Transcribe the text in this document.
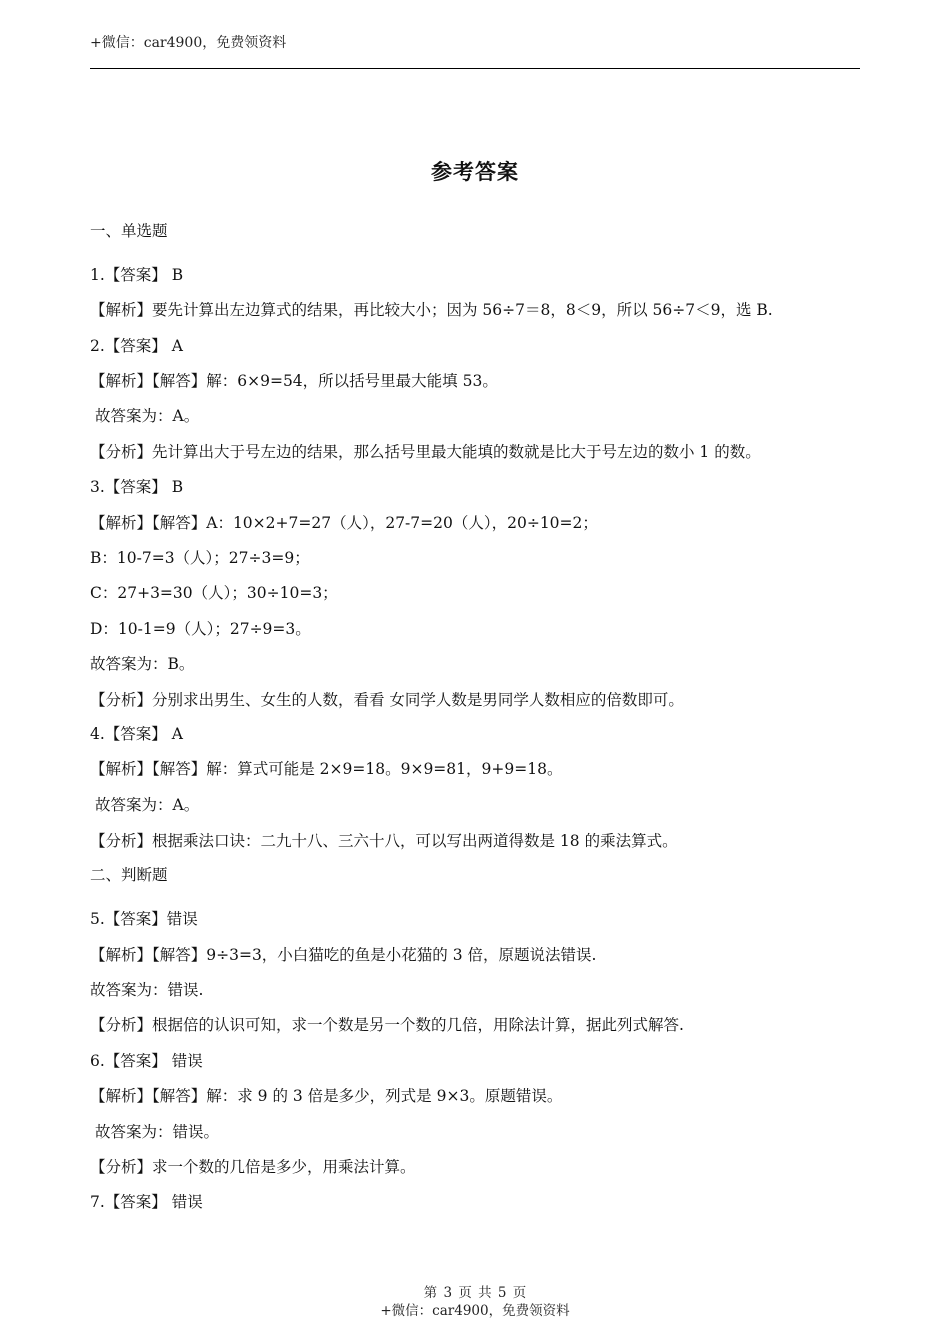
+微信：car4900，免费领资料
参考答案
一、单选题
1.【答案】 B
【解析】要先计算出左边算式的结果，再比较大小；因为 56÷7＝8，8＜9，所以 56÷7＜9，选 B.
2.【答案】 A
【解析】【解答】解：6×9=54，所以括号里最大能填 53。
故答案为：A。
【分析】先计算出大于号左边的结果，那么括号里最大能填的数就是比大于号左边的数小 1 的数。
3.【答案】 B
【解析】【解答】A：10×2+7=27（人），27-7=20（人），20÷10=2；
B：10-7=3（人）；27÷3=9；
C：27+3=30（人）；30÷10=3；
D：10-1=9（人）；27÷9=3。
故答案为：B。
【分析】分别求出男生、女生的人数，看看 女同学人数是男同学人数相应的倍数即可。
4.【答案】 A
【解析】【解答】解：算式可能是 2×9=18。9×9=81，9+9=18。
故答案为：A。
【分析】根据乘法口诀：二九十八、三六十八，可以写出两道得数是 18 的乘法算式。
二、判断题
5.【答案】错误
【解析】【解答】9÷3=3，小白猫吃的鱼是小花猫的 3 倍，原题说法错误.
故答案为：错误.
【分析】根据倍的认识可知，求一个数是另一个数的几倍，用除法计算，据此列式解答.
6.【答案】 错误
【解析】【解答】解：求 9 的 3 倍是多少，列式是 9×3。原题错误。
故答案为：错误。
【分析】求一个数的几倍是多少，用乘法计算。
7.【答案】 错误
第 3 页 共 5 页
+微信：car4900，免费领资料
